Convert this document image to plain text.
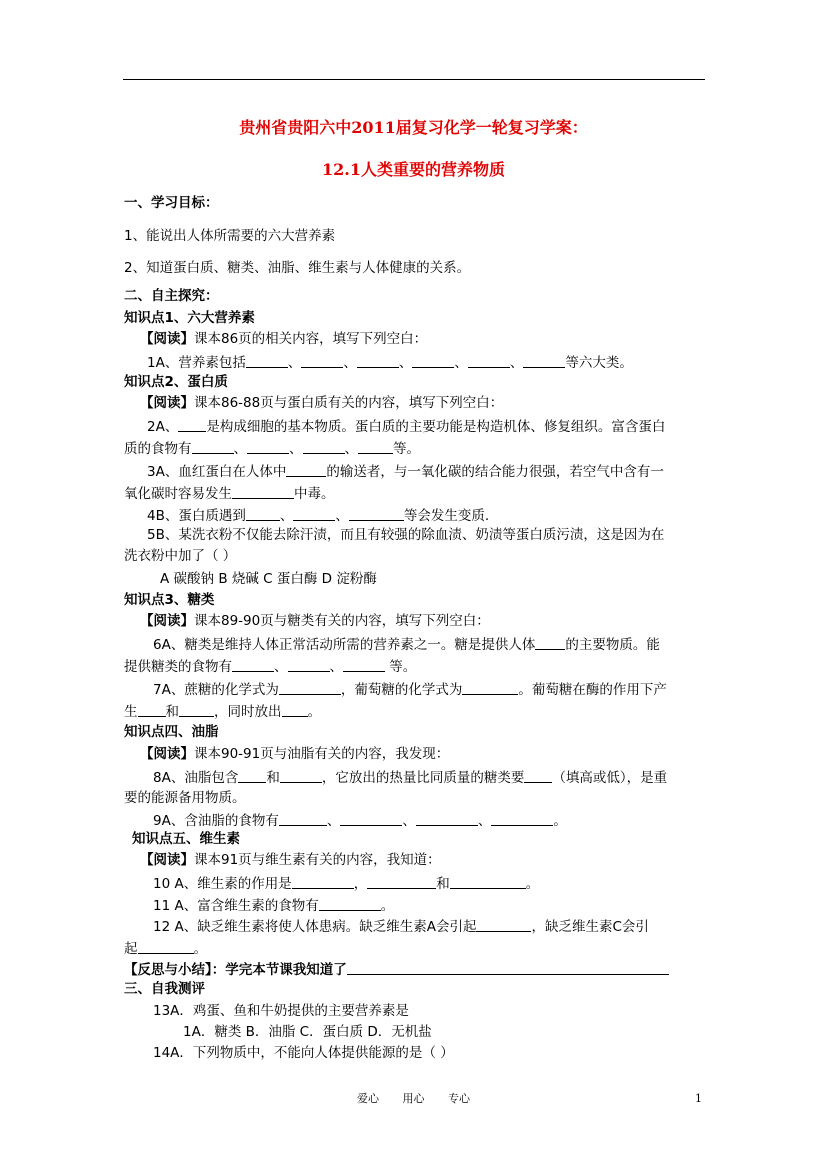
贵州省贵阳六中2011届复习化学一轮复习学案：
12.1人类重要的营养物质
一、学习目标：
1、能说出人体所需要的六大营养素
2、知道蛋白质、糖类、油脂、维生素与人体健康的关系。
二、自主探究：
知识点1、六大营养素
【阅读】课本86页的相关内容，填写下列空白：
1A、营养素包括	、	、	、	、	、	等六大类。
知识点2、蛋白质
【阅读】课本86-88页与蛋白质有关的内容，填写下列空白：
2A、 是构成细胞的基本物质。蛋白质的主要功能是构造机体、修复组织。富含蛋白
质的食物有	、	、	、	等。
3A、血红蛋白在人体中	的输送者，与一氧化碳的结合能力很强，若空气中含有一
氧化碳时容易发生	中毒。
4B、蛋白质遇到	、	、	等会发生变质.
5B、某洗衣粉不仅能去除汗渍，而且有较强的除血渍、奶渍等蛋白质污渍，这是因为在
洗衣粉中加了（ ）
A 碳酸钠 B 烧碱 C 蛋白酶 D 淀粉酶
知识点3、糖类
【阅读】课本89-90页与糖类有关的内容，填写下列空白：
6A、糖类是维持人体正常活动所需的营养素之一。糖是提供人体 的主要物质。能
提供糖类的食物有	、	、	等。
7A、蔗糖的化学式为	，葡萄糖的化学式为	。葡萄糖在酶的作用下产
生 和	，同时放出 。
知识点四、油脂
【阅读】课本90-91页与油脂有关的内容，我发现：
8A、油脂包含 和	，它放出的热量比同质量的糖类要 （填高或低），是重
要的能源备用物质。
9A、含油脂的食物有	、	、	、	。
知识点五、维生素
【阅读】课本91页与维生素有关的内容，我知道：
10 A、维生素的作用是	，	和	。
11 A、富含维生素的食物有	。
12 A、缺乏维生素将使人体患病。缺乏维生素A会引起	，缺乏维生素C会引
起	。
【反思与小结】：学完本节课我知道了
三、自我测评
13A．鸡蛋、鱼和牛奶提供的主要营养素是
1A．糖类 B．油脂 C．蛋白质 D．无机盐
14A．下列物质中，不能向人体提供能源的是（ ）
爱心 用心 专心	1
